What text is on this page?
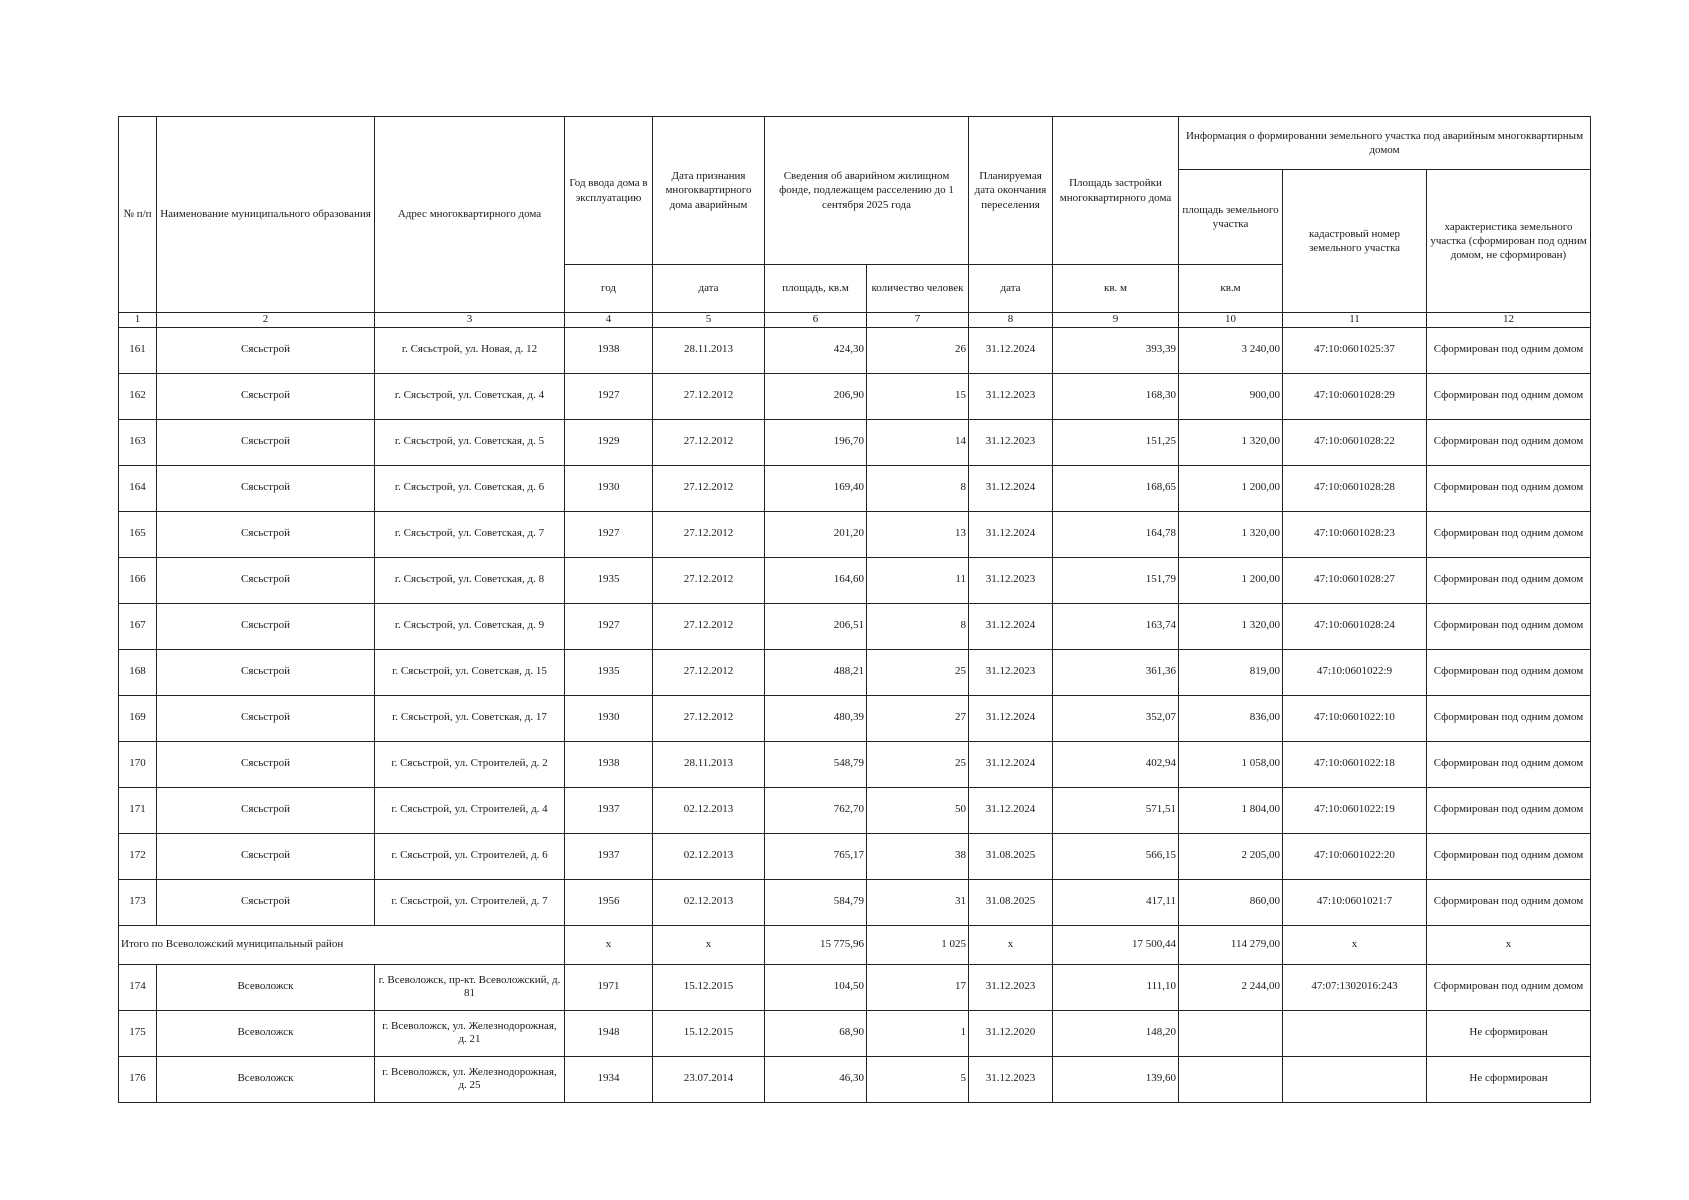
№ п/п	Наименование муниципального образования	Адрес многоквартирного дома	Год ввода дома в эксплуатацию	Дата признания многоквартирного дома аварийным	Сведения об аварийном жилищном фонде, подлежащем расселению до 1 сентября 2025 года		Планируемая дата окончания переселения	Площадь застройки многоквартирного дома	Информация о формировании земельного участка под аварийным многоквартирным домом		
									площадь земельного участка	кадастровый номер земельного участка	характеристика земельного участка (сформирован под одним домом, не сформирован)
			год	дата	площадь, кв.м	количество человек	дата	кв. м	кв.м		
1	2	3	4	5	6	7	8	9	10	11	12
161	Сясьстрой	г. Сясьстрой, ул. Новая, д. 12	1938	28.11.2013	424,30	26	31.12.2024	393,39	3 240,00	47:10:0601025:37	Сформирован под одним домом
162	Сясьстрой	г. Сясьстрой, ул. Советская, д. 4	1927	27.12.2012	206,90	15	31.12.2023	168,30	900,00	47:10:0601028:29	Сформирован под одним домом
163	Сясьстрой	г. Сясьстрой, ул. Советская, д. 5	1929	27.12.2012	196,70	14	31.12.2023	151,25	1 320,00	47:10:0601028:22	Сформирован под одним домом
164	Сясьстрой	г. Сясьстрой, ул. Советская, д. 6	1930	27.12.2012	169,40	8	31.12.2024	168,65	1 200,00	47:10:0601028:28	Сформирован под одним домом
165	Сясьстрой	г. Сясьстрой, ул. Советская, д. 7	1927	27.12.2012	201,20	13	31.12.2024	164,78	1 320,00	47:10:0601028:23	Сформирован под одним домом
166	Сясьстрой	г. Сясьстрой, ул. Советская, д. 8	1935	27.12.2012	164,60	11	31.12.2023	151,79	1 200,00	47:10:0601028:27	Сформирован под одним домом
167	Сясьстрой	г. Сясьстрой, ул. Советская, д. 9	1927	27.12.2012	206,51	8	31.12.2024	163,74	1 320,00	47:10:0601028:24	Сформирован под одним домом
168	Сясьстрой	г. Сясьстрой, ул. Советская, д. 15	1935	27.12.2012	488,21	25	31.12.2023	361,36	819,00	47:10:0601022:9	Сформирован под одним домом
169	Сясьстрой	г. Сясьстрой, ул. Советская, д. 17	1930	27.12.2012	480,39	27	31.12.2024	352,07	836,00	47:10:0601022:10	Сформирован под одним домом
170	Сясьстрой	г. Сясьстрой, ул. Строителей, д. 2	1938	28.11.2013	548,79	25	31.12.2024	402,94	1 058,00	47:10:0601022:18	Сформирован под одним домом
171	Сясьстрой	г. Сясьстрой, ул. Строителей, д. 4	1937	02.12.2013	762,70	50	31.12.2024	571,51	1 804,00	47:10:0601022:19	Сформирован под одним домом
172	Сясьстрой	г. Сясьстрой, ул. Строителей, д. 6	1937	02.12.2013	765,17	38	31.08.2025	566,15	2 205,00	47:10:0601022:20	Сформирован под одним домом
173	Сясьстрой	г. Сясьстрой, ул. Строителей, д. 7	1956	02.12.2013	584,79	31	31.08.2025	417,11	860,00	47:10:0601021:7	Сформирован под одним домом
Итого по Всеволожский муниципальный район			x	x	15 775,96	1 025	x	17 500,44	114 279,00	x	x
174	Всеволожск	г. Всеволожск, пр-кт. Всеволожский, д. 81	1971	15.12.2015	104,50	17	31.12.2023	111,10	2 244,00	47:07:1302016:243	Сформирован под одним домом
175	Всеволожск	г. Всеволожск, ул. Железнодорожная, д. 21	1948	15.12.2015	68,90	1	31.12.2020	148,20			Не сформирован
176	Всеволожск	г. Всеволожск, ул. Железнодорожная, д. 25	1934	23.07.2014	46,30	5	31.12.2023	139,60			Не сформирован
